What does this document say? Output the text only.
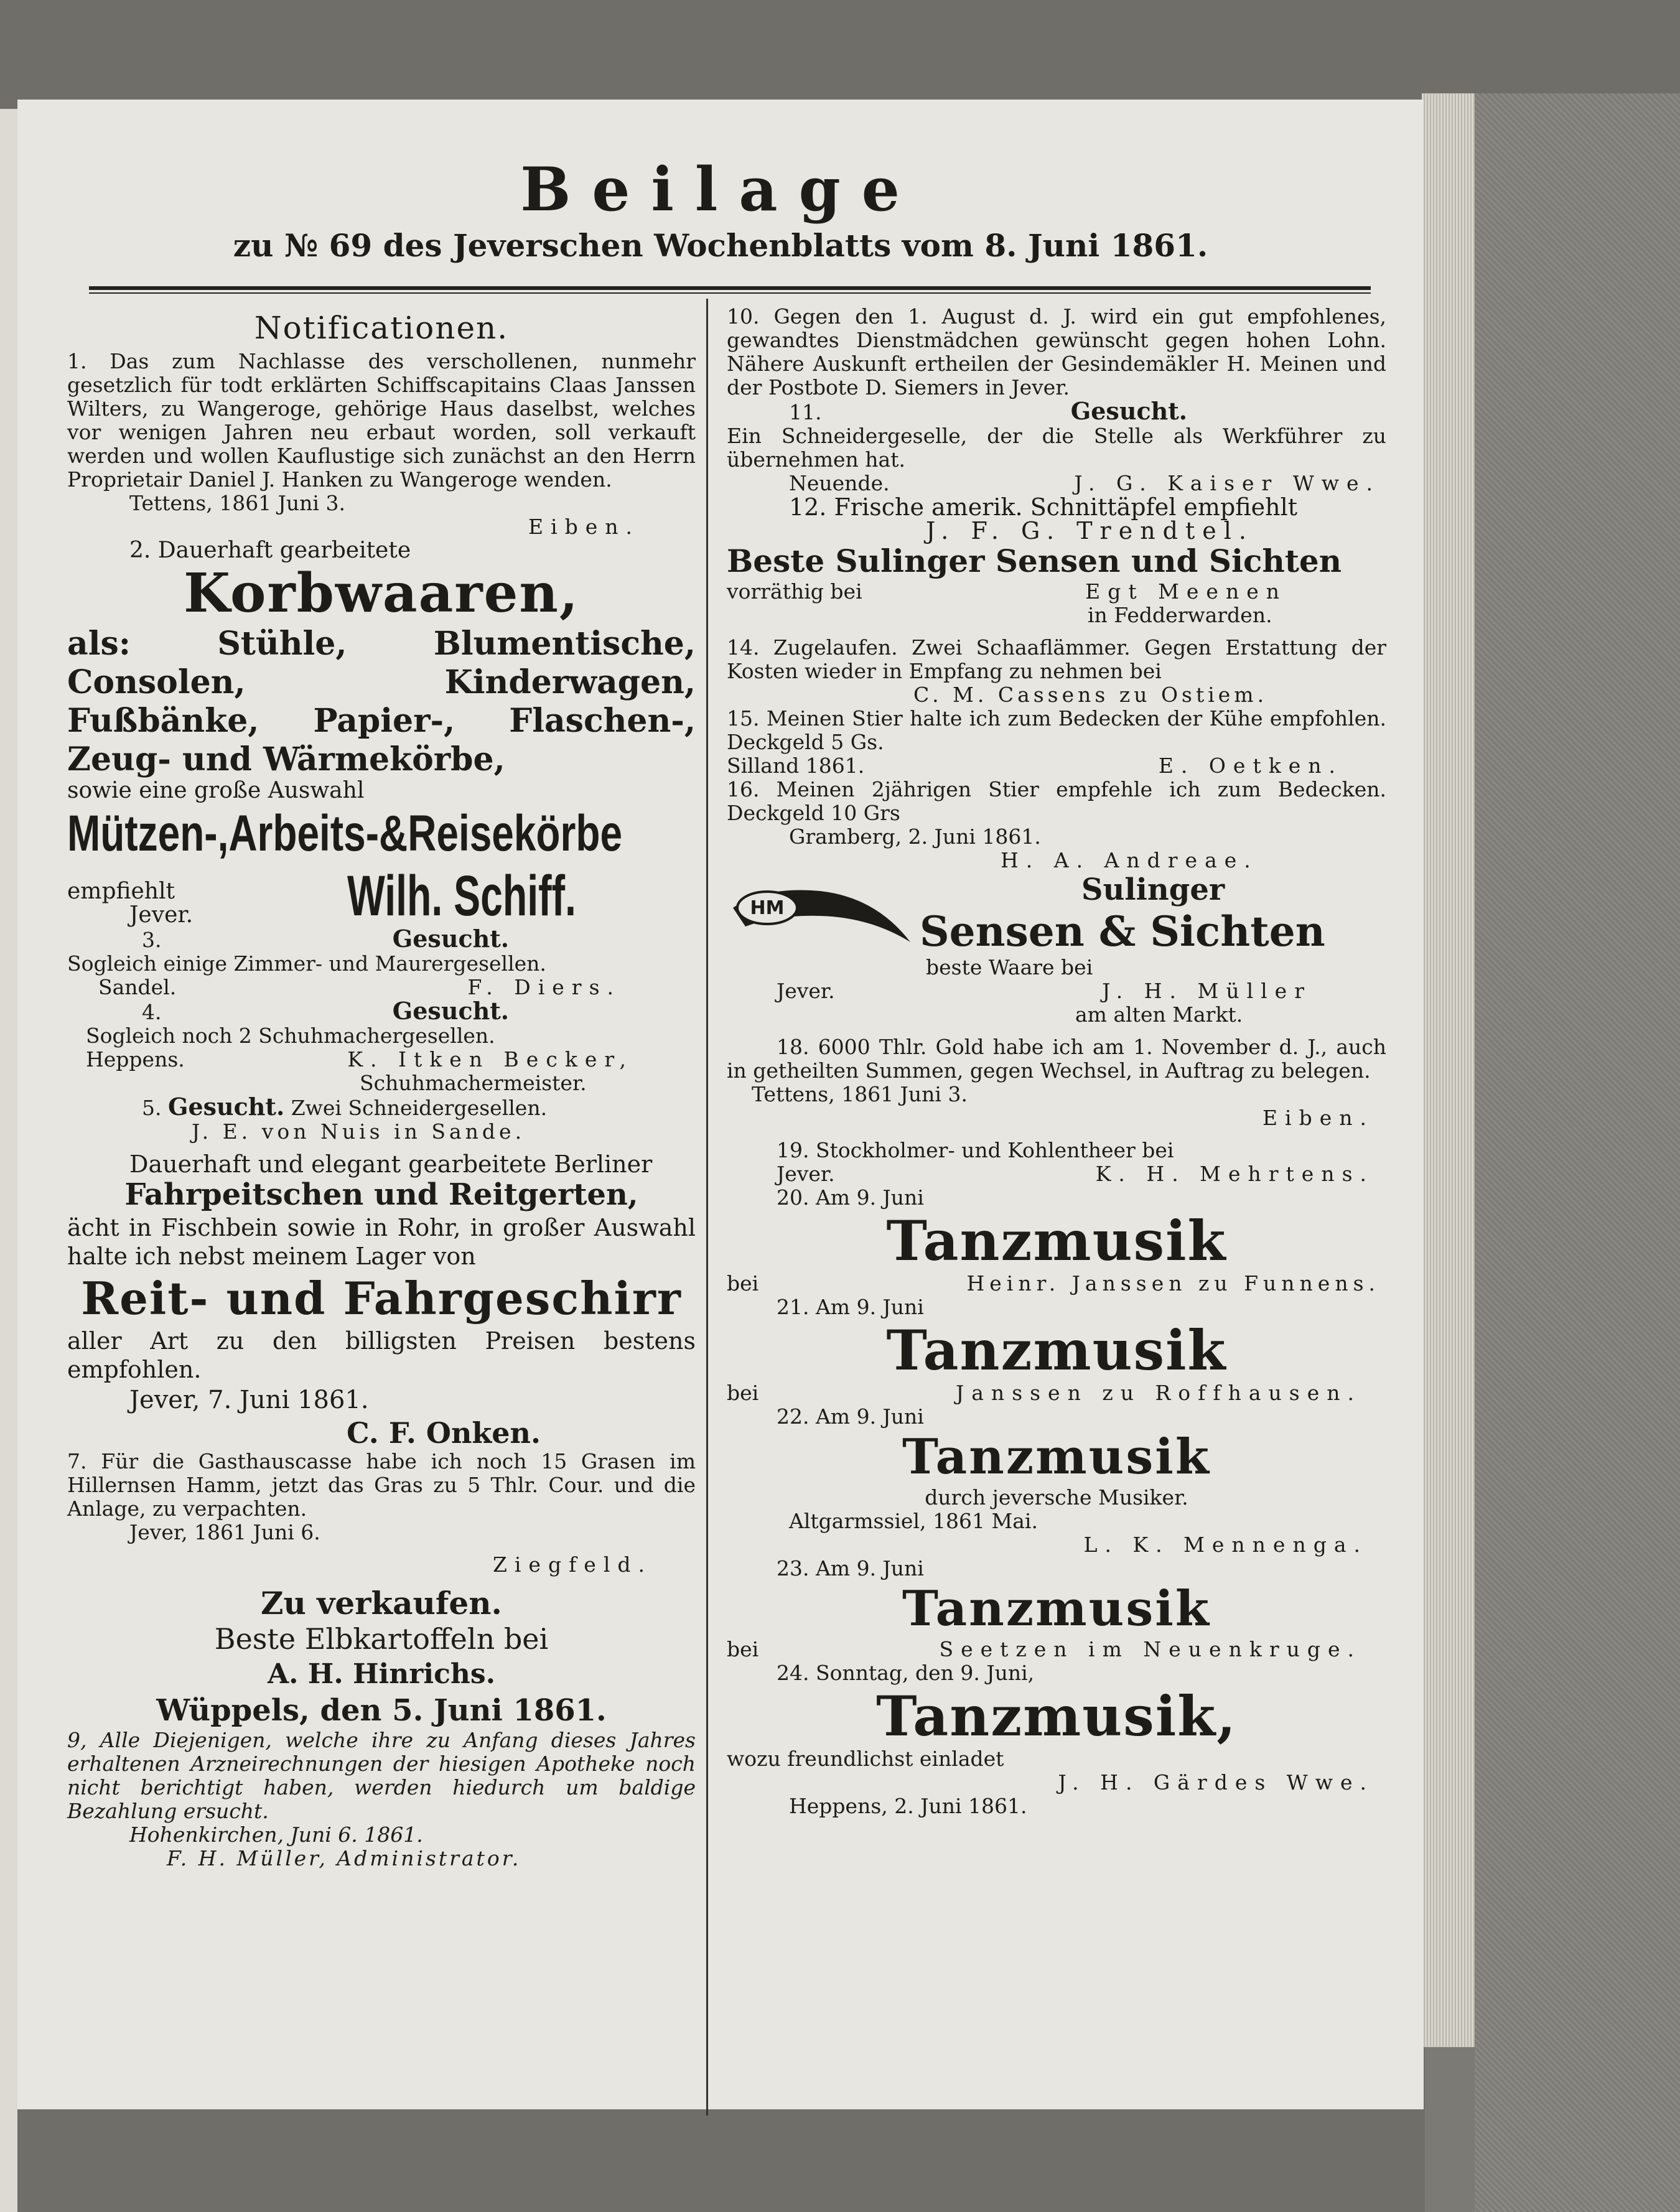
Beilage
zu № 69 des Jeverschen Wochenblatts vom 8. Juni 1861.
Notificationen.

1. Das zum Nachlasse des verschollenen, nunmehr gesetzlich für todt erklärten Schiffscapitains Claas Janssen Wilters, zu Wangeroge, gehörige Haus daselbst, welches vor wenigen Jahren neu erbaut worden, soll verkauft werden und wollen Kauflustige sich zunächst an den Herrn Proprietair Daniel J. Hanken zu Wangeroge wenden.

Tettens, 1861 Juni 3.

Eiben.

2. Dauerhaft gearbeitete

Korbwaaren,
als: Stühle, Blumentische, Consolen, Kinderwagen, Fußbänke, Papier-, Flaschen-, Zeug- und Wärmekörbe,

sowie eine große Auswahl

Mützen-,Arbeits-&Reisekörbe

empfiehlt

Jever.	Wilh. Schiff.
3.	Gesucht.

Sogleich einige Zimmer- und Maurergesellen.

Sandel.	F. Diers.
4.	Gesucht.

Sogleich noch 2 Schuhmachergesellen.

Heppens.	K. Itken Becker,

Schuhmachermeister.

5. Gesucht. Zwei Schneidergesellen.

J. E. von Nuis in Sande.

Dauerhaft und elegant gearbeitete Berliner

Fahrpeitschen und Reitgerten,

ächt in Fischbein sowie in Rohr, in großer Auswahl halte ich nebst meinem Lager von

Reit- und Fahrgeschirr

aller Art zu den billigsten Preisen bestens empfohlen.

Jever, 7. Juni 1861.

C. F. Onken.

7. Für die Gasthauscasse habe ich noch 15 Grasen im Hillernsen Hamm, jetzt das Gras zu 5 Thlr. Cour. und die Anlage, zu verpachten.

Jever, 1861 Juni 6.

Ziegfeld.

Zu verkaufen.
Beste Elbkartoffeln bei
A. H. Hinrichs.
Wüppels, den 5. Juni 1861.

9, Alle Diejenigen, welche ihre zu Anfang dieses Jahres erhaltenen Arzneirechnungen der hiesigen Apotheke noch nicht berichtigt haben, werden hiedurch um baldige Bezahlung ersucht.

Hohenkirchen, Juni 6. 1861.

F. H. Müller, Administrator.

10. Gegen den 1. August d. J. wird ein gut empfohlenes, gewandtes Dienstmädchen gewünscht gegen hohen Lohn. Nähere Auskunft ertheilen der Gesindemäkler H. Meinen und der Postbote D. Siemers in Jever.

11.	Gesucht.

Ein Schneidergeselle, der die Stelle als Werkführer zu übernehmen hat.

Neuende.	J. G. Kaiser Wwe.

12. Frische amerik. Schnittäpfel empfiehlt

J. F. G. Trendtel.

Beste Sulinger Sensen und Sichten
vorräthig bei	Egt Meenen

in Fedderwarden.

14. Zugelaufen. Zwei Schaaflämmer. Gegen Erstattung der Kosten wieder in Empfang zu nehmen bei

C. M. Cassens zu Ostiem.

15. Meinen Stier halte ich zum Bedecken der Kühe empfohlen. Deckgeld 5 Gs.

Silland 1861.	E. Oetken.

16. Meinen 2jährigen Stier empfehle ich zum Bedecken. Deckgeld 10 Grs

Gramberg, 2. Juni 1861.

H. A. Andreae.

HM
Sulinger
Sensen & Sichten

beste Waare bei

Jever.	J. H. Müller

am alten Markt.

18. 6000 Thlr. Gold habe ich am 1. November d. J., auch in getheilten Summen, gegen Wechsel, in Auftrag zu belegen.

Tettens, 1861 Juni 3.

Eiben.

19. Stockholmer- und Kohlentheer bei

Jever.	K. H. Mehrtens.

20. Am 9. Juni

Tanzmusik
bei	Heinr. Janssen zu Funnens.

21. Am 9. Juni

Tanzmusik
bei	Janssen zu Roffhausen.

22. Am 9. Juni

Tanzmusik

durch jeversche Musiker.

Altgarmssiel, 1861 Mai.

L. K. Mennenga.

23. Am 9. Juni

Tanzmusik
bei	Seetzen im Neuenkruge.

24. Sonntag, den 9. Juni,

Tanzmusik,

wozu freundlichst einladet

J. H. Gärdes Wwe.

Heppens, 2. Juni 1861.
